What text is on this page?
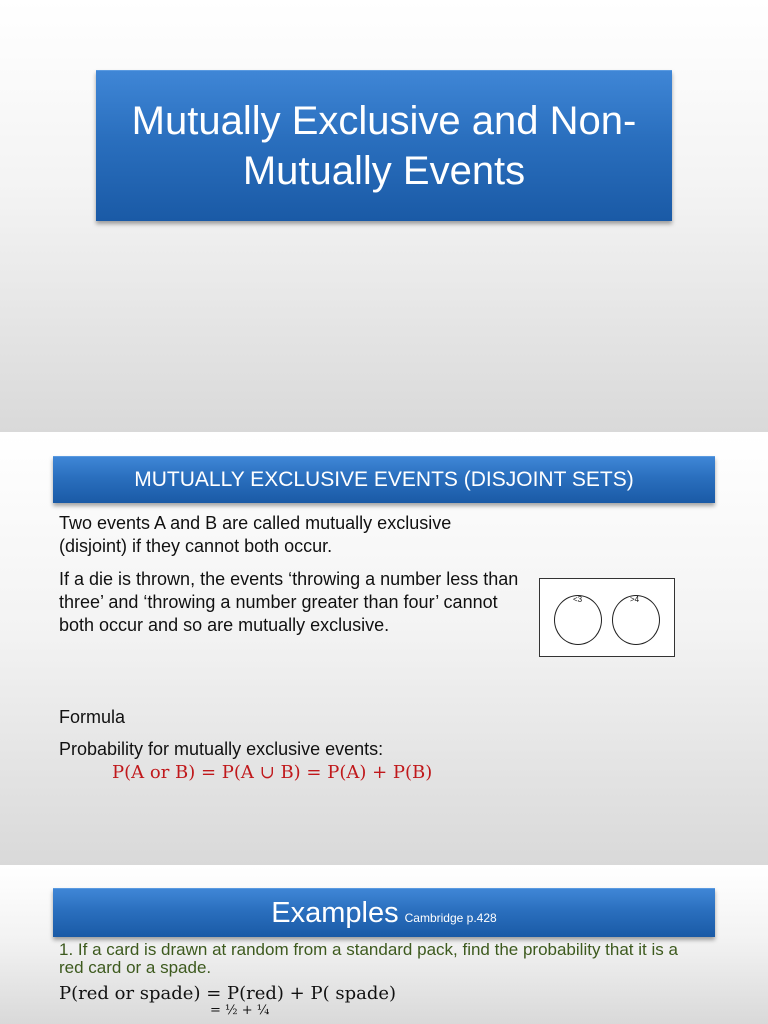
Mutually Exclusive and Non-
Mutually Events
MUTUALLY EXCLUSIVE EVENTS (DISJOINT SETS)
Two events A and B are called mutually exclusive (disjoint) if they cannot both occur.
If a die is thrown, the events ‘throwing a number less than three’ and ‘throwing a number greater than four’ cannot both occur and so are mutually exclusive.
<3	>4
Formula
Probability for mutually exclusive events:
P(A or B) = P(A ∪ B) = P(A) + P(B)
Examples Cambridge p.428
1. If a card is drawn at random from a standard pack, find the probability that it is a red card or a spade.
P(red or spade) = P(red) + P( spade)
= ½ + ¼
